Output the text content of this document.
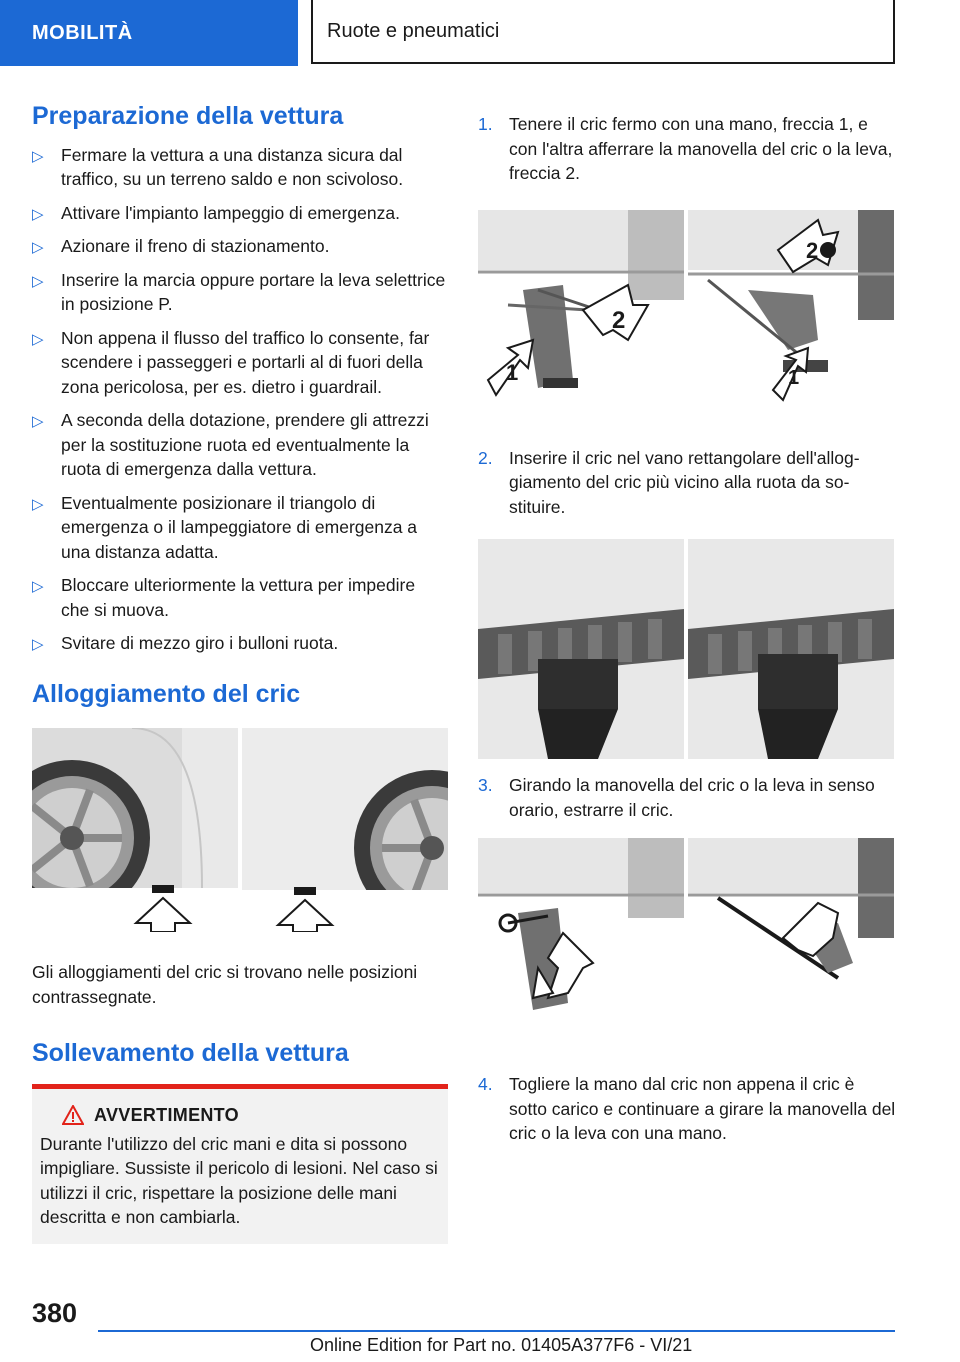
MOBILITÀ	Ruote e pneumatici
Preparazione della vettura
▷ Fermare la vettura a una distanza sicura dal traffico, su un terreno saldo e non scivoloso.
▷ Attivare l'impianto lampeggio di emergenza.
▷ Azionare il freno di stazionamento.
▷ Inserire la marcia oppure portare la leva selettrice in posizione P.
▷ Non appena il flusso del traffico lo consente, far scendere i passeggeri e portarli al di fuori della zona pericolosa, per es. dietro i guardrail.
▷ A seconda della dotazione, prendere gli attrezzi per la sostituzione ruota ed eventualmente la ruota di emergenza dalla vettura.
▷ Eventualmente posizionare il triangolo di emergenza o il lampeggiatore di emergenza a una distanza adatta.
▷ Bloccare ulteriormente la vettura per impedire che si muova.
▷ Svitare di mezzo giro i bulloni ruota.
Alloggiamento del cric

Gli alloggiamenti del cric si trovano nelle posizioni contrassegnate.

Sollevamento della vettura
AVVERTIMENTO
Durante l'utilizzo del cric mani e dita si possono impigliare. Sussiste il pericolo di lesioni. Nel caso si utilizzi il cric, rispettare la posizione delle mani descritta e non cambiarla.
1. Tenere il cric fermo con una mano, freccia 1, e con l'altra afferrare la manovella del cric o la leva, freccia 2.
2
1
2
1
2. Inserire il cric nel vano rettangolare dell'alloggiamento del cric più vicino alla ruota da sostituire.
3. Girando la manovella del cric o la leva in senso orario, estrarre il cric.
4. Togliere la mano dal cric non appena il cric è sotto carico e continuare a girare la manovella del cric o la leva con una mano.
380
Online Edition for Part no. 01405A377F6 - VI/21
